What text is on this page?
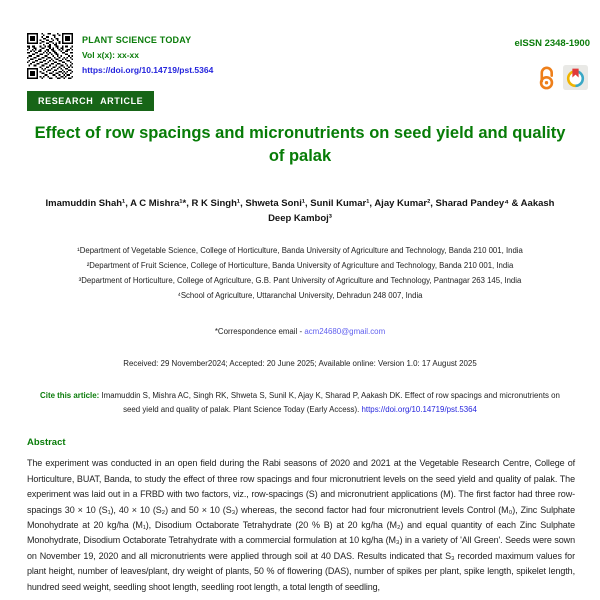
PLANT SCIENCE TODAY
Vol x(x): xx-xx
https://doi.org/10.14719/pst.5364
eISSN 2348-1900
RESEARCH ARTICLE
Effect of row spacings and micronutrients on seed yield and quality of palak
Imamuddin Shah¹, A C Mishra¹*, R K Singh¹, Shweta Soni¹, Sunil Kumar¹, Ajay Kumar², Sharad Pandey⁴ & Aakash Deep Kamboj³
¹Department of Vegetable Science, College of Horticulture, Banda University of Agriculture and Technology, Banda 210 001, India
²Department of Fruit Science, College of Horticulture, Banda University of Agriculture and Technology, Banda 210 001, India
³Department of Horticulture, College of Agriculture, G.B. Pant University of Agriculture and Technology, Pantnagar 263 145, India
⁴School of Agriculture, Uttaranchal University, Dehradun 248 007, India
*Correspondence email - acm24680@gmail.com
Received: 29 November2024; Accepted: 20 June 2025; Available online: Version 1.0: 17 August 2025
Cite this article: Imamuddin S, Mishra AC, Singh RK, Shweta S, Sunil K, Ajay K, Sharad P, Aakash DK. Effect of row spacings and micronutrients on seed yield and quality of palak. Plant Science Today (Early Access). https://doi.org/10.14719/pst.5364
Abstract

The experiment was conducted in an open field during the Rabi seasons of 2020 and 2021 at the Vegetable Research Centre, College of Horticulture, BUAT, Banda, to study the effect of three row spacings and four micronutrient levels on the seed yield and quality of palak. The experiment was laid out in a FRBD with two factors, viz., row-spacings (S) and micronutrient applications (M). The first factor had three row-spacings 30 × 10 (S₁), 40 × 10 (S₂) and 50 × 10 (S₃) whereas, the second factor had four micronutrient levels Control (M₀), Zinc Sulphate Monohydrate at 20 kg/ha (M₁), Disodium Octaborate Tetrahydrate (20 % B) at 20 kg/ha (M₂) and equal quantity of each Zinc Sulphate Monohydrate, Disodium Octaborate Tetrahydrate with a commercial formulation at 10 kg/ha (M₃) in a variety of 'All Green'. Seeds were sown on November 19, 2020 and all micronutrients were applied through soil at 40 DAS. Results indicated that S₃ recorded maximum values for plant height, number of leaves/plant, dry weight of plants, 50 % of flowering (DAS), number of spikes per plant, spike length, spikelet length, hundred seed weight, seedling shoot length, seedling root length, a total length of seedling,
